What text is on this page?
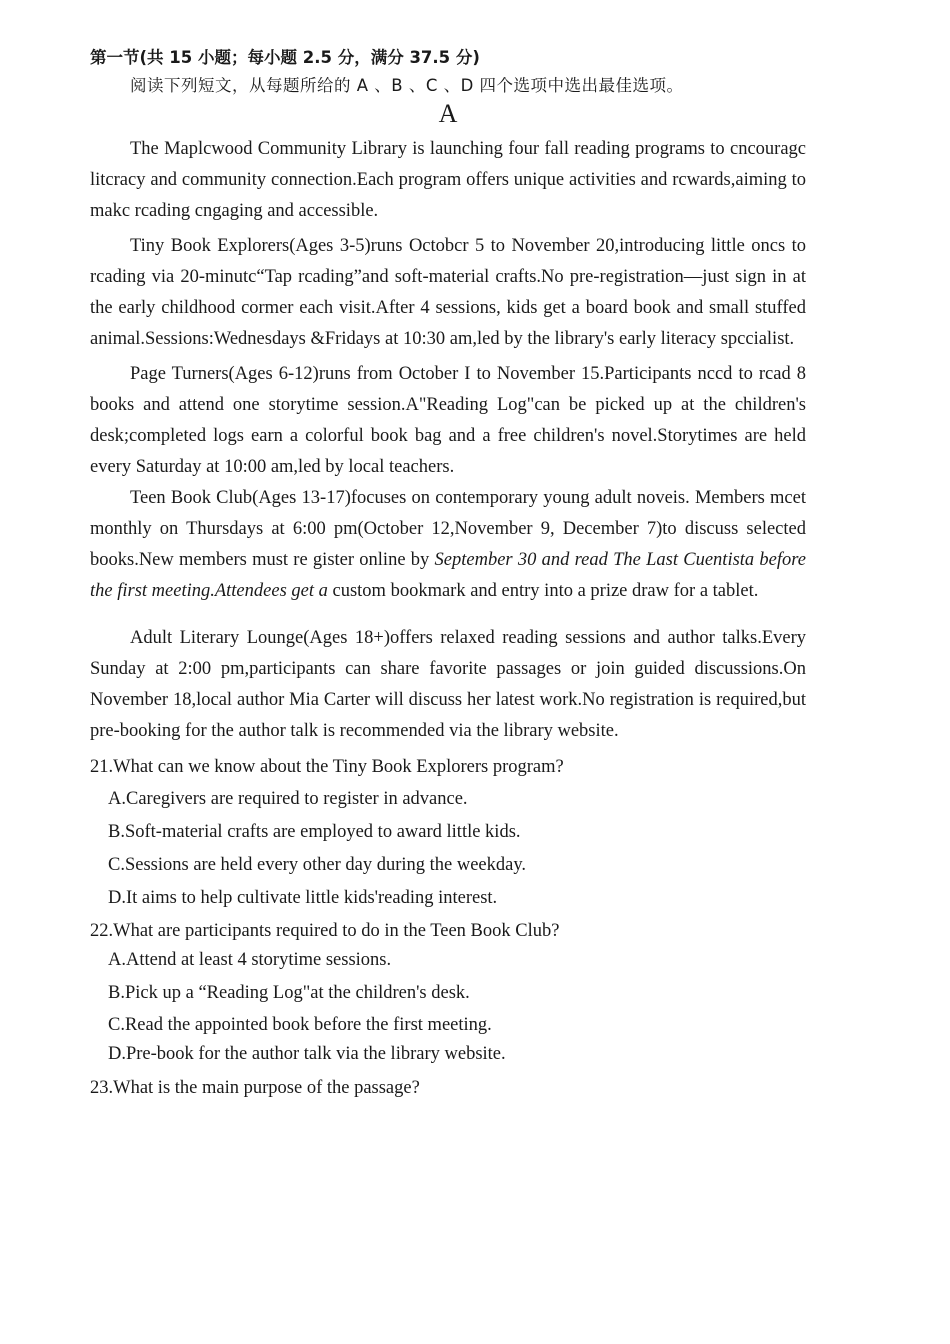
第一节(共 15 小题；每小题 2.5 分，满分 37.5 分)

阅读下列短文，从每题所给的 A 、B 、C 、D 四个选项中选出最佳选项。

A

The Maplcwood Community Library is launching four fall reading programs to cncouragc litcracy and community connection.Each program offers unique activities and rcwards,aiming to makc rcading cngaging and accessible.

Tiny Book Explorers(Ages 3-5)runs Octobcr 5 to November 20,introducing little oncs to rcading via 20-minutc“Tap rcading”and soft-material crafts.No pre-registration—just sign in at the early childhood cormer each visit.After 4 sessions, kids get a board book and small stuffed animal.Sessions:Wednesdays &Fridays at 10:30 am,led by the library's early literacy spccialist.

Page Turners(Ages 6-12)runs from October I to November 15.Participants nccd to rcad 8 books and attend one storytime session.A"Reading Log"can be picked up at the children's desk;completed logs earn a colorful book bag and a free children's novel.Storytimes are held every Saturday at 10:00 am,led by local teachers.

Teen Book Club(Ages 13-17)focuses on contemporary young adult noveis. Members mcet monthly on Thursdays at 6:00 pm(October 12,November 9, December 7)to discuss selected books.New members must re gister online by September 30 and read The Last Cuentista before the first meeting.Attendees get a custom bookmark and entry into a prize draw for a tablet.

Adult Literary Lounge(Ages 18+)offers relaxed reading sessions and author talks.Every Sunday at 2:00 pm,participants can share favorite passages or join guided discussions.On November 18,local author Mia Carter will discuss her latest work.No registration is required,but pre-booking for the author talk is recommended via the library website.

21.What can we know about the Tiny Book Explorers program?

A.Caregivers are required to register in advance.

B.Soft-material crafts are employed to award little kids.

C.Sessions are held every other day during the weekday.

D.It aims to help cultivate little kids'reading interest.

22.What are participants required to do in the Teen Book Club?

A.Attend at least 4 storytime sessions.

B.Pick up a “Reading Log"at the children's desk.

C.Read the appointed book before the first meeting.

D.Pre-book for the author talk via the library website.

23.What is the main purpose of the passage?
